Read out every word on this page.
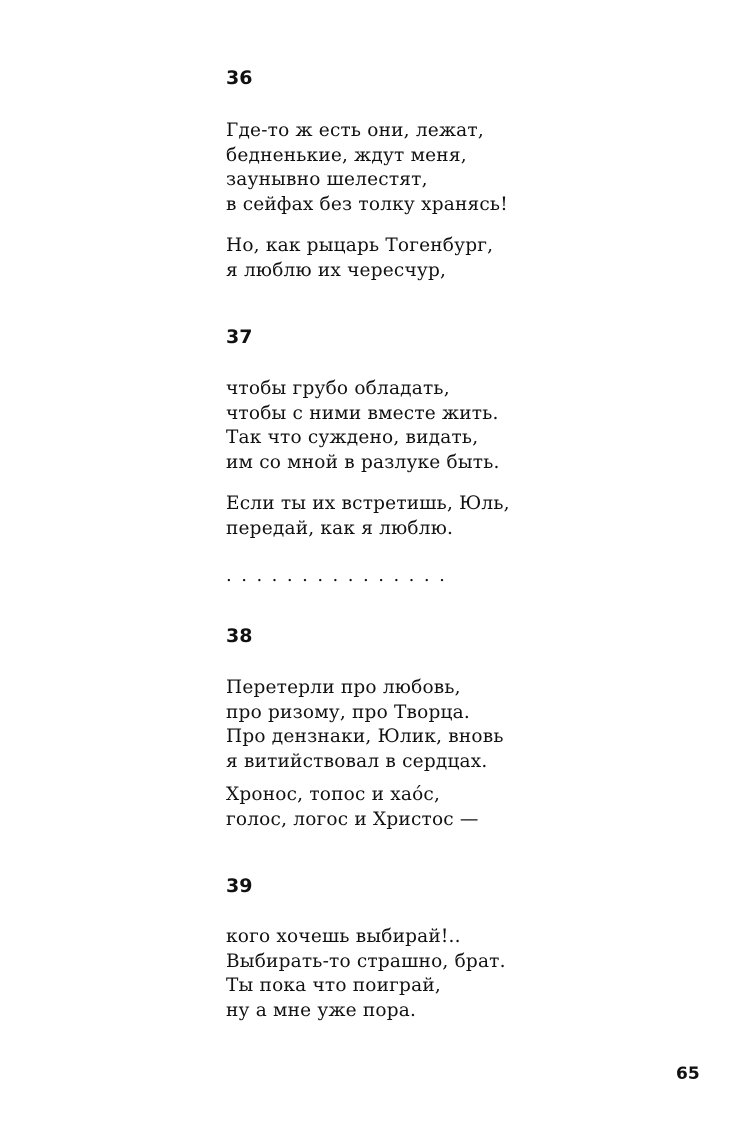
36
Где-то ж есть они, лежат,
бедненькие, ждут меня,
заунывно шелестят,
в сейфах без толку хранясь!
Но, как рыцарь Тогенбург,
я люблю их чересчур,
37
чтобы грубо обладать,
чтобы с ними вместе жить.
Так что суждено, видать,
им со мной в разлуке быть.
Если ты их встретишь, Юль,
передай, как я люблю.
...............
38
Перетерли про любовь,
про ризому, про Творца.
Про дензнаки, Юлик, вновь
я витийствовал в сердцах.
Хронос, топос и хао́с,
голос, логос и Христос —
39
кого хочешь выбирай!..
Выбирать-то страшно, брат.
Ты пока что поиграй,
ну а мне уже пора.
65
